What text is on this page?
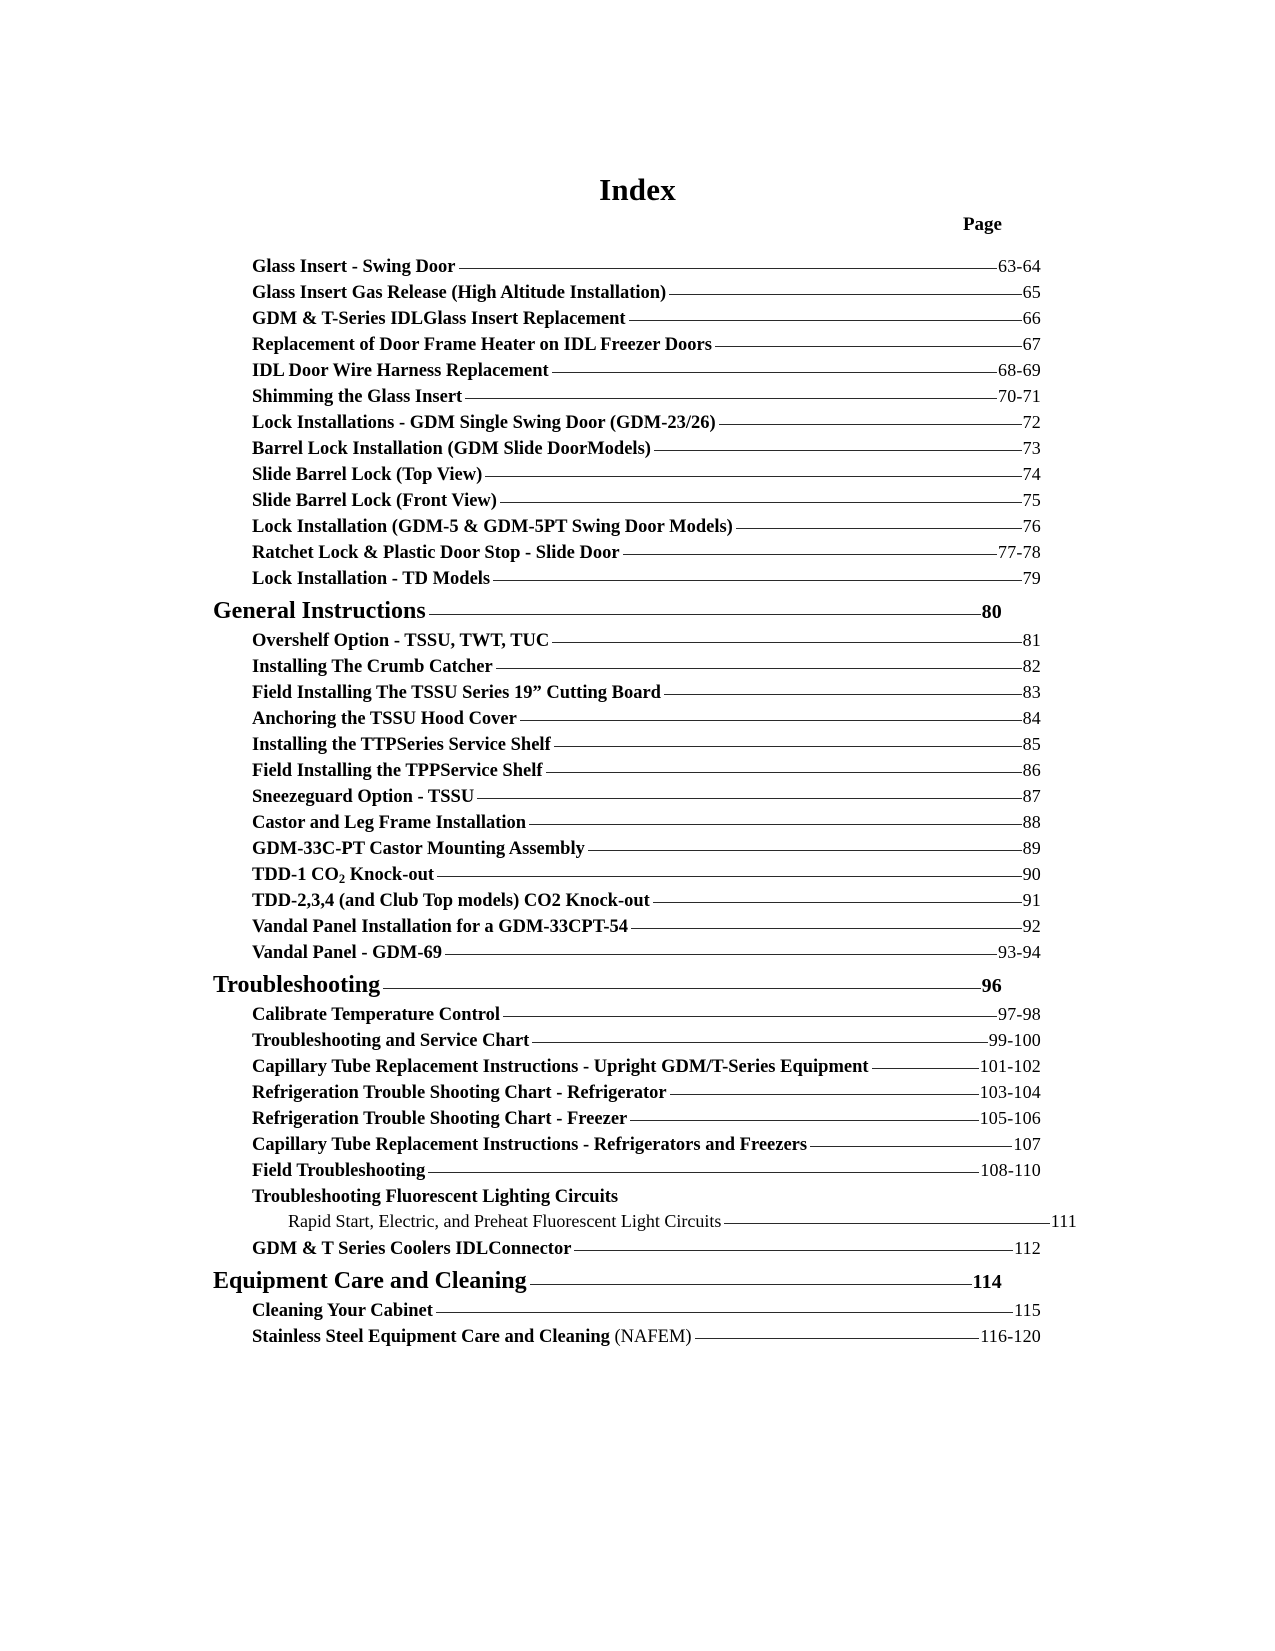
Index
Page
Glass Insert - Swing Door	63-64
Glass Insert Gas Release (High Altitude Installation)	65
GDM & T-Series IDLGlass Insert Replacement	66
Replacement of Door Frame Heater on IDL Freezer Doors	67
IDL Door Wire Harness Replacement	68-69
Shimming the Glass Insert	70-71
Lock Installations - GDM Single Swing Door (GDM-23/26)	72
Barrel Lock Installation (GDM Slide DoorModels)	73
Slide Barrel Lock (Top View)	74
Slide Barrel Lock (Front View)	75
Lock Installation (GDM-5 & GDM-5PT Swing Door Models)	76
Ratchet Lock & Plastic Door Stop - Slide Door	77-78
Lock Installation - TD Models	79
General Instructions	80
Overshelf Option - TSSU, TWT, TUC	81
Installing The Crumb Catcher	82
Field Installing The TSSU Series 19” Cutting Board	83
Anchoring the TSSU Hood Cover	84
Installing the TTPSeries Service Shelf	85
Field Installing the TPPService Shelf	86
Sneezeguard Option - TSSU	87
Castor and Leg Frame Installation	88
GDM-33C-PT Castor Mounting Assembly	89
TDD-1 $CO_2$ Knock-out	90
TDD-2,3,4 (and Club Top models) CO2 Knock-out	91
Vandal Panel Installation for a GDM-33CPT-54	92
Vandal Panel - GDM-69	93-94
Troubleshooting	96
Calibrate Temperature Control	97-98
Troubleshooting and Service Chart	99-100
Capillary Tube Replacement Instructions - Upright GDM/T-Series Equipment	101-102
Refrigeration Trouble Shooting Chart - Refrigerator	103-104
Refrigeration Trouble Shooting Chart - Freezer	105-106
Capillary Tube Replacement Instructions - Refrigerators and Freezers	107
Field Troubleshooting	108-110
Troubleshooting Fluorescent Lighting Circuits
Rapid Start, Electric, and Preheat Fluorescent Light Circuits	111
GDM & T Series Coolers IDLConnector	112
Equipment Care and Cleaning	114
Cleaning Your Cabinet	115
Stainless Steel Equipment Care and Cleaning (NAFEM)	116-120
